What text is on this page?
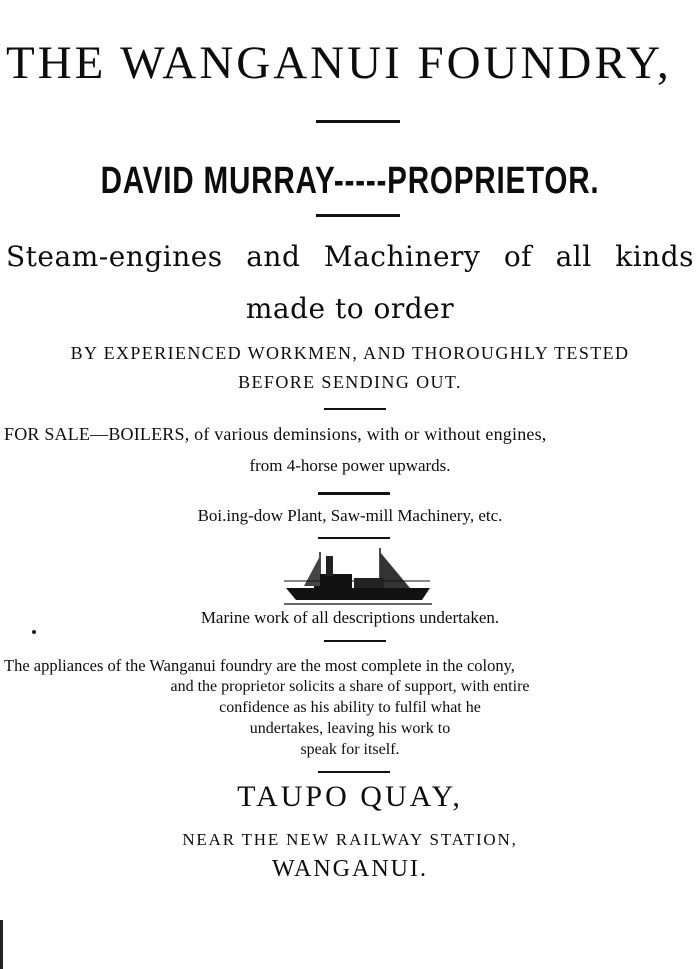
THE WANGANUI FOUNDRY,
DAVID MURRAY-----PROPRIETOR.
Steam-engines and Machinery of all kinds
made to order
BY EXPERIENCED WORKMEN, AND THOROUGHLY TESTED
BEFORE SENDING OUT.
FOR SALE—BOILERS, of various deminsions, with or without engines,
from 4-horse power upwards.
Boi.ing-dow Plant, Saw-mill Machinery, etc.
Marine work of all descriptions undertaken.
The appliances of the Wanganui foundry are the most complete in the colony,
and the proprietor solicits a share of support, with entire
confidence as his ability to fulfil what he
undertakes, leaving his work to
speak for itself.
TAUPO QUAY,
NEAR THE NEW RAILWAY STATION,
WANGANUI.
